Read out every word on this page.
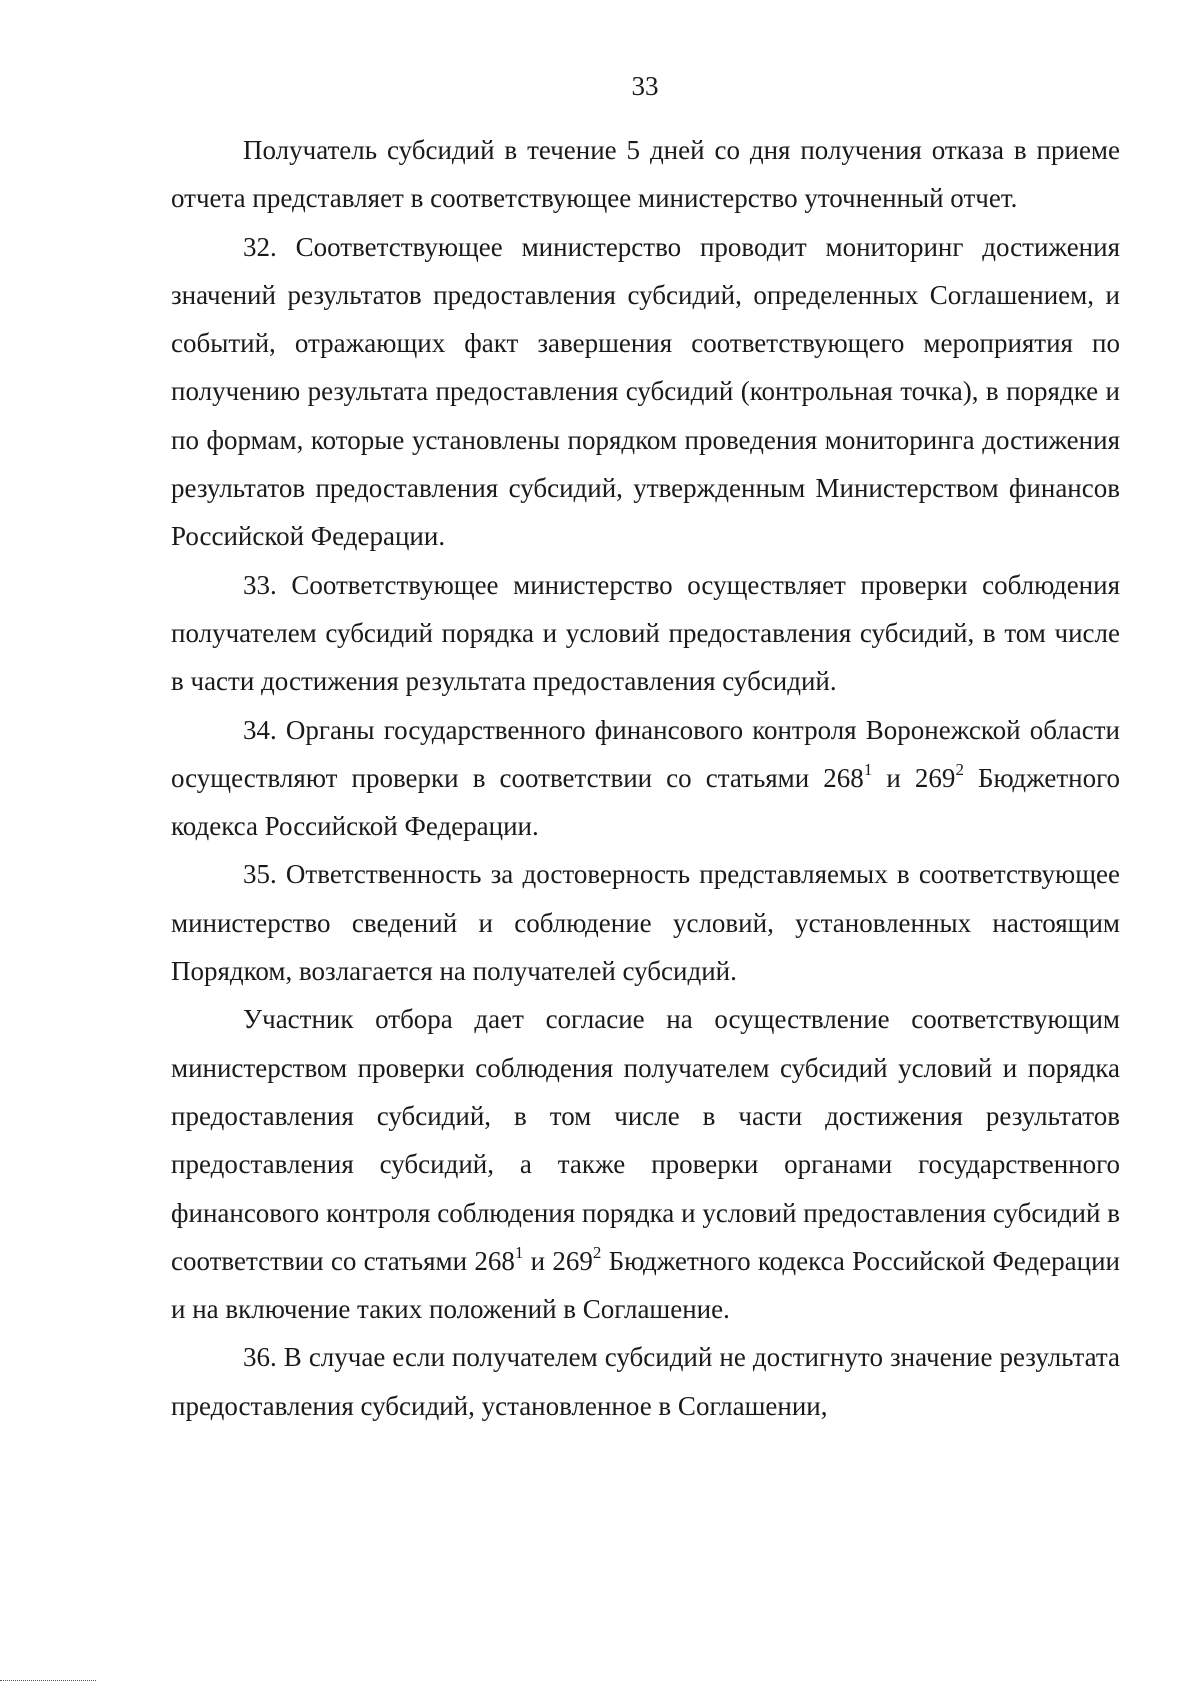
33

Получатель субсидий в течение 5 дней со дня получения отказа в приеме отчета представляет в соответствующее министерство уточненный отчет.

32. Соответствующее министерство проводит мониторинг достижения значений результатов предоставления субсидий, определенных Соглашением, и событий, отражающих факт завершения соответствующего мероприятия по получению результата предоставления субсидий (контрольная точка), в порядке и по формам, которые установлены порядком проведения мониторинга достижения результатов предоставления субсидий, утвержденным Министерством финансов Российской Федерации.

33. Соответствующее министерство осуществляет проверки соблюдения получателем субсидий порядка и условий предоставления субсидий, в том числе в части достижения результата предоставления субсидий.

34. Органы государственного финансового контроля Воронежской области осуществляют проверки в соответствии со статьями $268^1$ и $269^2$ Бюджетного кодекса Российской Федерации.

35. Ответственность за достоверность представляемых в соответствующее министерство сведений и соблюдение условий, установленных настоящим Порядком, возлагается на получателей субсидий.

Участник отбора дает согласие на осуществление соответствующим министерством проверки соблюдения получателем субсидий условий и порядка предоставления субсидий, в том числе в части достижения результатов предоставления субсидий, а также проверки органами государственного финансового контроля соблюдения порядка и условий предоставления субсидий в соответствии со статьями $268^1$ и $269^2$ Бюджетного кодекса Российской Федерации и на включение таких положений в Соглашение.

36. В случае если получателем субсидий не достигнуто значение результата предоставления субсидий, установленное в Соглашении,
